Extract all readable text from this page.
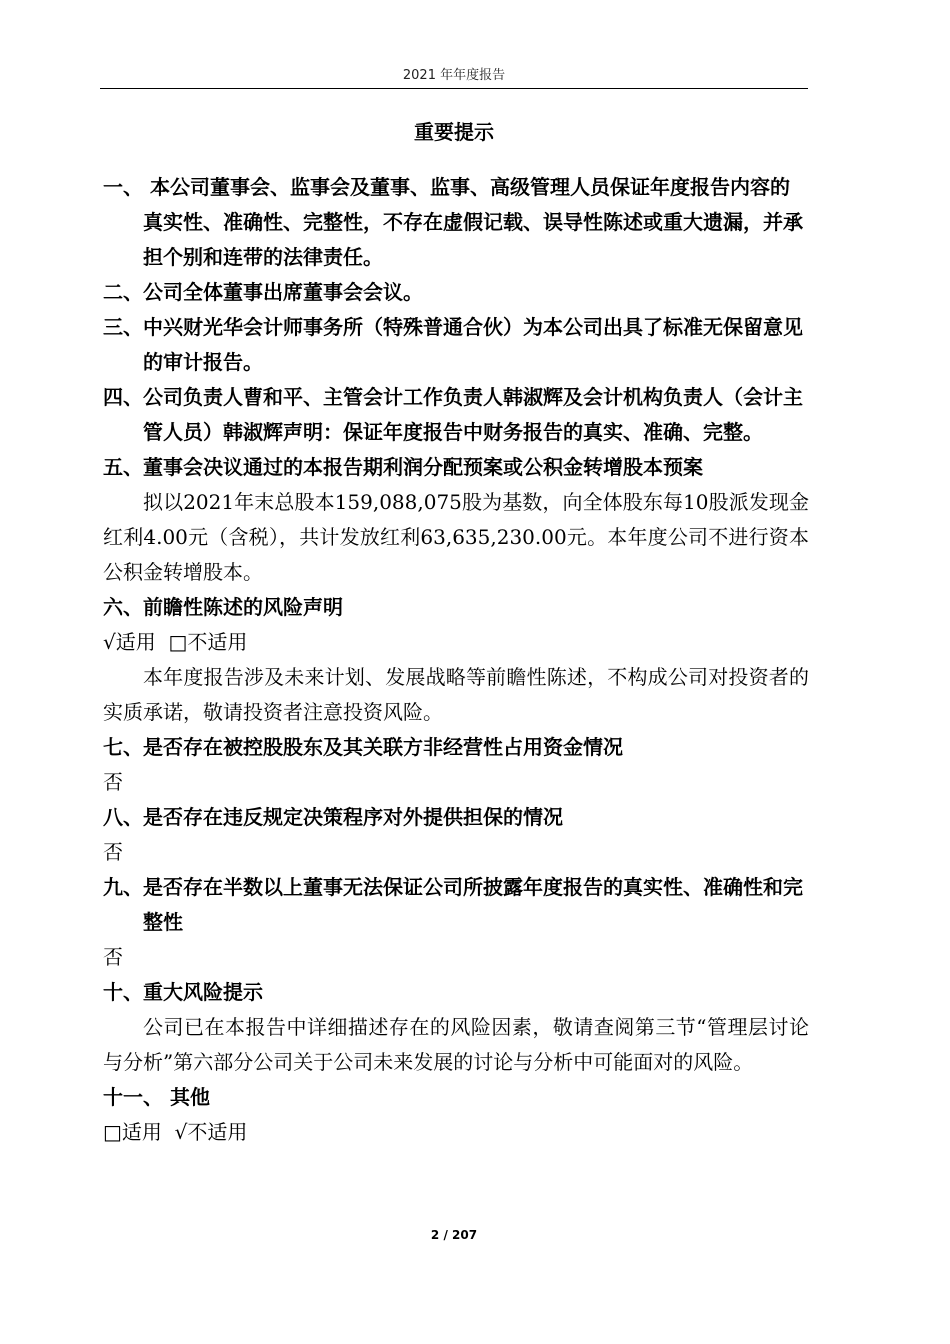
2021 年年度报告
重要提示
一、 本公司董事会、监事会及董事、监事、高级管理人员保证年度报告内容的真实性、准确性、完整性，不存在虚假记载、误导性陈述或重大遗漏，并承担个别和连带的法律责任。
二、公司全体董事出席董事会会议。
三、中兴财光华会计师事务所（特殊普通合伙）为本公司出具了标准无保留意见的审计报告。
四、公司负责人曹和平、主管会计工作负责人韩淑辉及会计机构负责人（会计主管人员）韩淑辉声明：保证年度报告中财务报告的真实、准确、完整。
五、董事会决议通过的本报告期利润分配预案或公积金转增股本预案
拟以2021年末总股本159,088,075股为基数，向全体股东每10股派发现金红利4.00元（含税），共计发放红利63,635,230.00元。本年度公司不进行资本公积金转增股本。
六、前瞻性陈述的风险声明
√适用  □不适用
本年度报告涉及未来计划、发展战略等前瞻性陈述，不构成公司对投资者的实质承诺，敬请投资者注意投资风险。
七、是否存在被控股股东及其关联方非经营性占用资金情况
否
八、是否存在违反规定决策程序对外提供担保的情况
否
九、是否存在半数以上董事无法保证公司所披露年度报告的真实性、准确性和完整性
否
十、重大风险提示
公司已在本报告中详细描述存在的风险因素，敬请查阅第三节“管理层讨论与分析”第六部分公司关于公司未来发展的讨论与分析中可能面对的风险。
十一、 其他
□适用  √不适用
2 / 207
